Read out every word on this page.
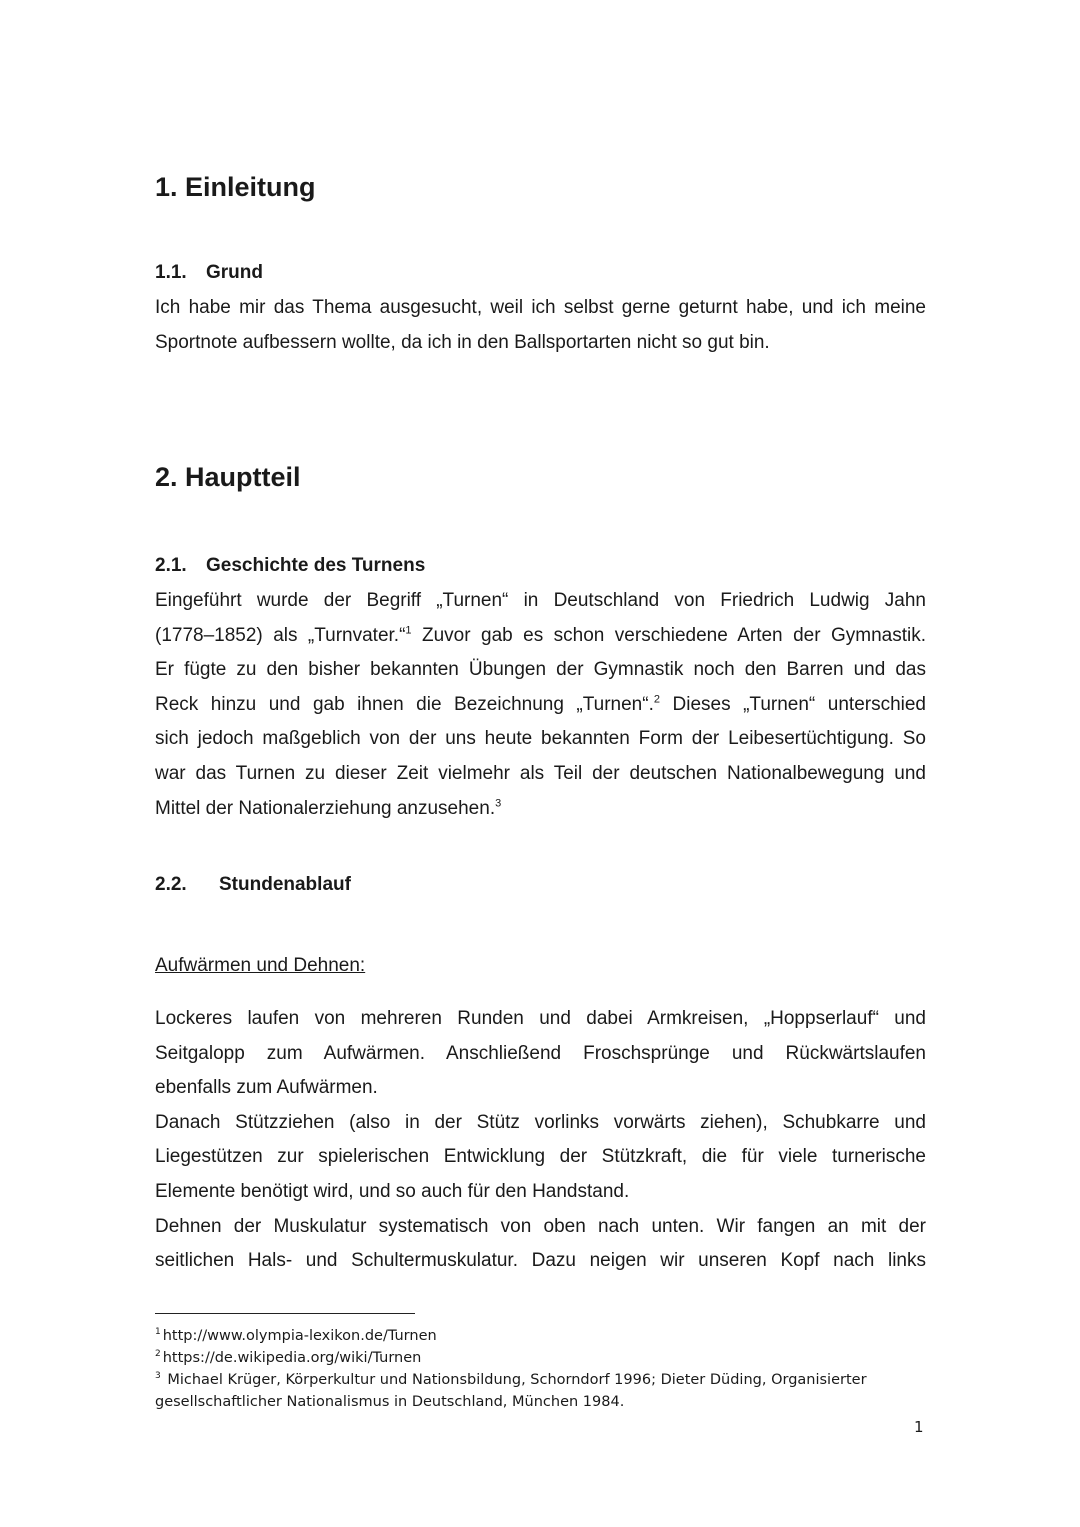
1. Einleitung
1.1. Grund
Ich habe mir das Thema ausgesucht, weil ich selbst gerne geturnt habe, und ich meine
Sportnote aufbessern wollte, da ich in den Ballsportarten nicht so gut bin.
2. Hauptteil
2.1. Geschichte des Turnens
Eingeführt wurde der Begriff „Turnen“ in Deutschland von Friedrich Ludwig Jahn
(1778–1852) als „Turnvater.“$^1$ Zuvor gab es schon verschiedene Arten der Gymnastik.
Er fügte zu den bisher bekannten Übungen der Gymnastik noch den Barren und das
Reck hinzu und gab ihnen die Bezeichnung „Turnen“.$^2$ Dieses „Turnen“ unterschied
sich jedoch maßgeblich von der uns heute bekannten Form der Leibesertüchtigung. So
war das Turnen zu dieser Zeit vielmehr als Teil der deutschen Nationalbewegung und
Mittel der Nationalerziehung anzusehen.$^3$
2.2. Stundenablauf
Aufwärmen und Dehnen:
Lockeres laufen von mehreren Runden und dabei Armkreisen, „Hoppserlauf“ und
Seitgalopp zum Aufwärmen. Anschließend Froschsprünge und Rückwärtslaufen
ebenfalls zum Aufwärmen.
Danach Stützziehen (also in der Stütz vorlinks vorwärts ziehen), Schubkarre und
Liegestützen zur spielerischen Entwicklung der Stützkraft, die für viele turnerische
Elemente benötigt wird, und so auch für den Handstand.
Dehnen der Muskulatur systematisch von oben nach unten. Wir fangen an mit der
seitlichen Hals- und Schultermuskulatur. Dazu neigen wir unseren Kopf nach links
$^1$ http://www.olympia-lexikon.de/Turnen
$^2$ https://de.wikipedia.org/wiki/Turnen
$^3$ Michael Krüger, Körperkultur und Nationsbildung, Schorndorf 1996; Dieter Düding, Organisierter gesellschaftlicher Nationalismus in Deutschland, München 1984.
1
